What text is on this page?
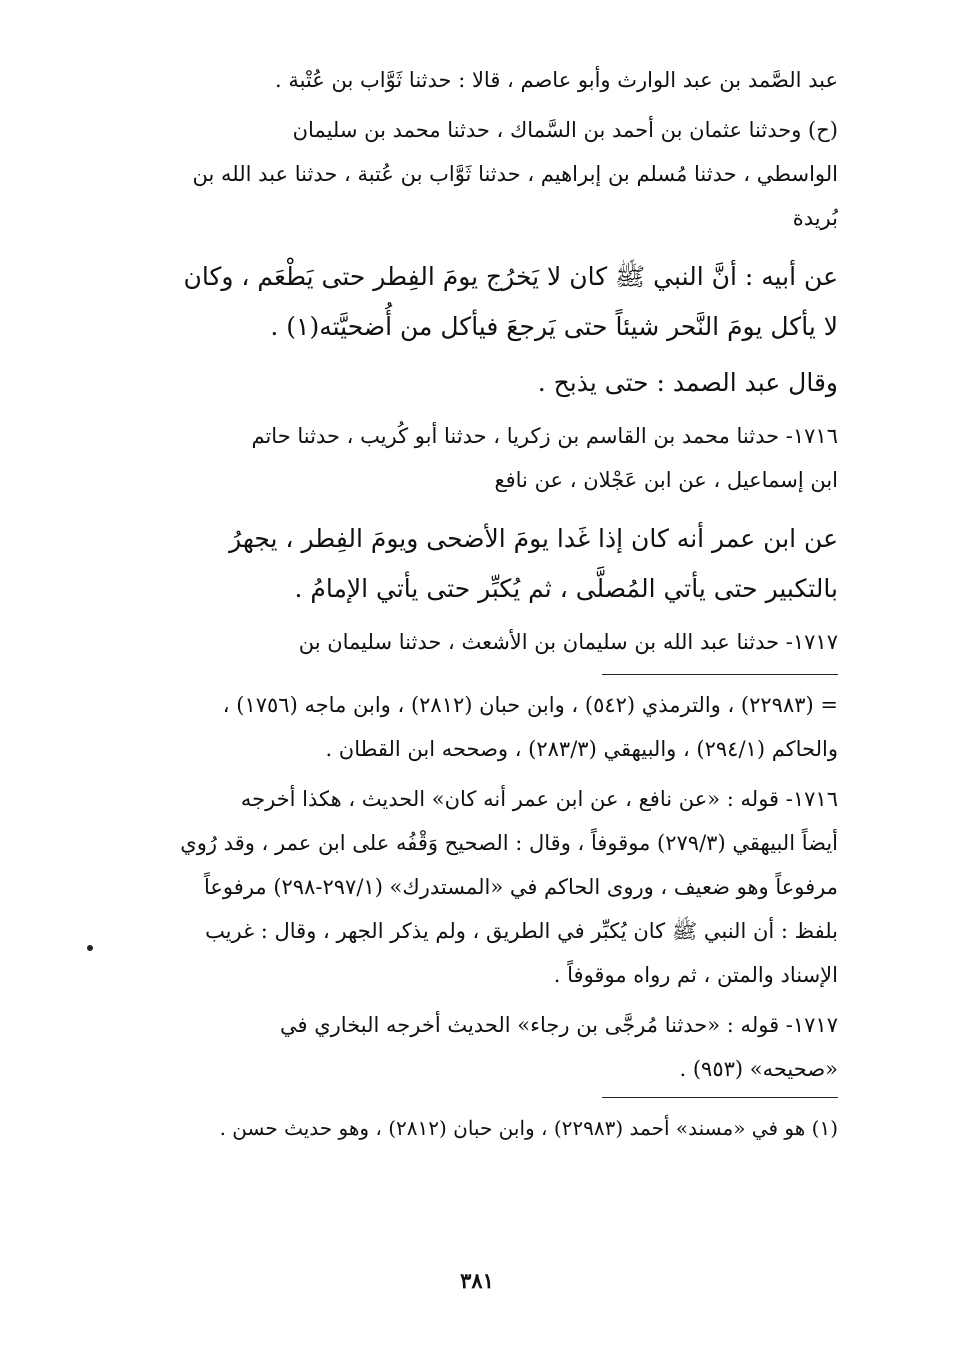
عبد الصَّمد بن عبد الوارث وأبو عاصم ، قالا : حدثنا ثَوَّاب بن عُتْبة .
(ح) وحدثنا عثمان بن أحمد بن السَّماك ، حدثنا محمد بن سليمان
الواسطي ، حدثنا مُسلم بن إبراهيم ، حدثنا ثَوَّاب بن عُتبة ، حدثنا عبد الله بن
بُريدة
عن أبيه : أنَّ النبي ﷺ كان لا يَخرُج يومَ الفِطر حتى يَطْعَم ، وكان
لا يأكل يومَ النَّحر شيئاً حتى يَرجعَ فيأكل من أُضحيَّته(١) .
وقال عبد الصمد : حتى يذبح .
١٧١٦- حدثنا محمد بن القاسم بن زكريا ، حدثنا أبو كُريب ، حدثنا حاتم
ابن إسماعيل ، عن ابن عَجْلان ، عن نافع
عن ابن عمر أنه كان إذا غَدا يومَ الأضحى ويومَ الفِطر ، يجهرُ
بالتكبير حتى يأتي المُصلَّى ، ثم يُكبِّر حتى يأتي الإمامُ .
١٧١٧- حدثنا عبد الله بن سليمان بن الأشعث ، حدثنا سليمان بن
= (٢٢٩٨٣) ، والترمذي (٥٤٢) ، وابن حبان (٢٨١٢) ، وابن ماجه (١٧٥٦) ،
والحاكم (٢٩٤/١) ، والبيهقي (٢٨٣/٣) ، وصححه ابن القطان .
١٧١٦- قوله : «عن نافع ، عن ابن عمر أنه كان» الحديث ، هكذا أخرجه
أيضاً البيهقي (٢٧٩/٣) موقوفاً ، وقال : الصحيح وَقْفُه على ابن عمر ، وقد رُوي
مرفوعاً وهو ضعيف ، وروى الحاكم في «المستدرك» (٢٩٧/١-٢٩٨) مرفوعاً
بلفظ : أن النبي ﷺ كان يُكبِّر في الطريق ، ولم يذكر الجهر ، وقال : غريب
الإسناد والمتن ، ثم رواه موقوفاً .
١٧١٧- قوله : «حدثنا مُرجَّى بن رجاء» الحديث أخرجه البخاري في
«صحيحه» (٩٥٣) .
(١) هو في «مسند» أحمد (٢٢٩٨٣) ، وابن حبان (٢٨١٢) ، وهو حديث حسن .
٣٨١
